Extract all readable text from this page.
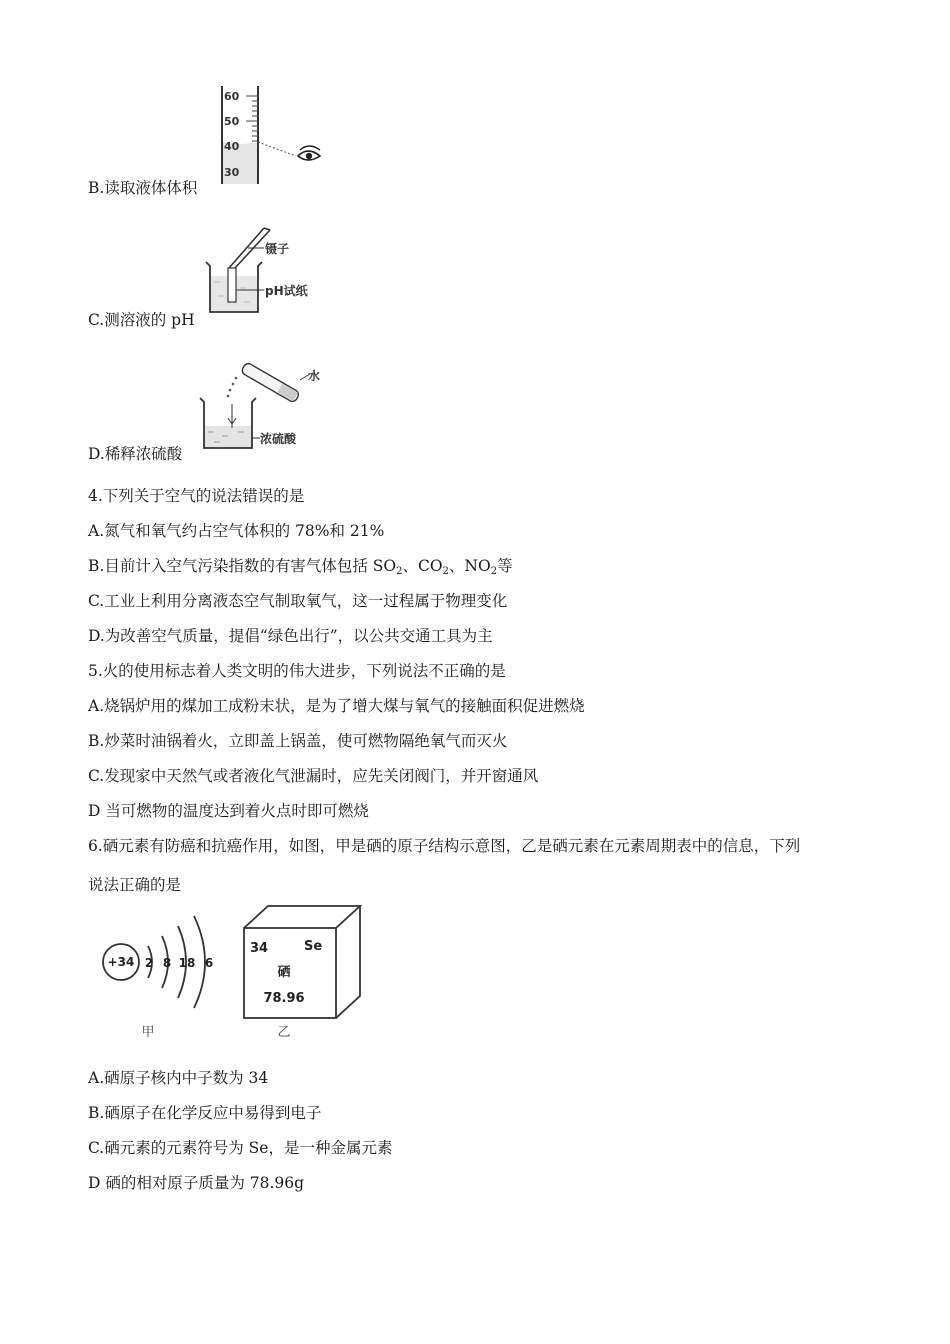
60
50
40
30
B.读取液体体积
镊子
pH试纸
C.测溶液的 pH
水
浓硫酸
D.稀释浓硫酸
4.下列关于空气的说法错误的是
A.氮气和氧气约占空气体积的 78%和 21%
B.目前计入空气污染指数的有害气体包括 $SO_2$、$CO_2$、$NO_2$等
C.工业上利用分离液态空气制取氧气，这一过程属于物理变化
D.为改善空气质量，提倡“绿色出行”，以公共交通工具为主
5.火的使用标志着人类文明的伟大进步，下列说法不正确的是
A.烧锅炉用的煤加工成粉末状，是为了增大煤与氧气的接触面积促进燃烧
B.炒菜时油锅着火，立即盖上锅盖，使可燃物隔绝氧气而灭火
C.发现家中天然气或者液化气泄漏时，应先关闭阀门，并开窗通风
D 当可燃物的温度达到着火点时即可燃烧
6.硒元素有防癌和抗癌作用，如图，甲是硒的原子结构示意图，乙是硒元素在元素周期表中的信息，下列
说法正确的是
+34 2 8 18 6
甲
34	Se
硒
78.96
乙
A.硒原子核内中子数为 34
B.硒原子在化学反应中易得到电子
C.硒元素的元素符号为 Se，是一种金属元素
D 硒的相对原子质量为 78.96g
